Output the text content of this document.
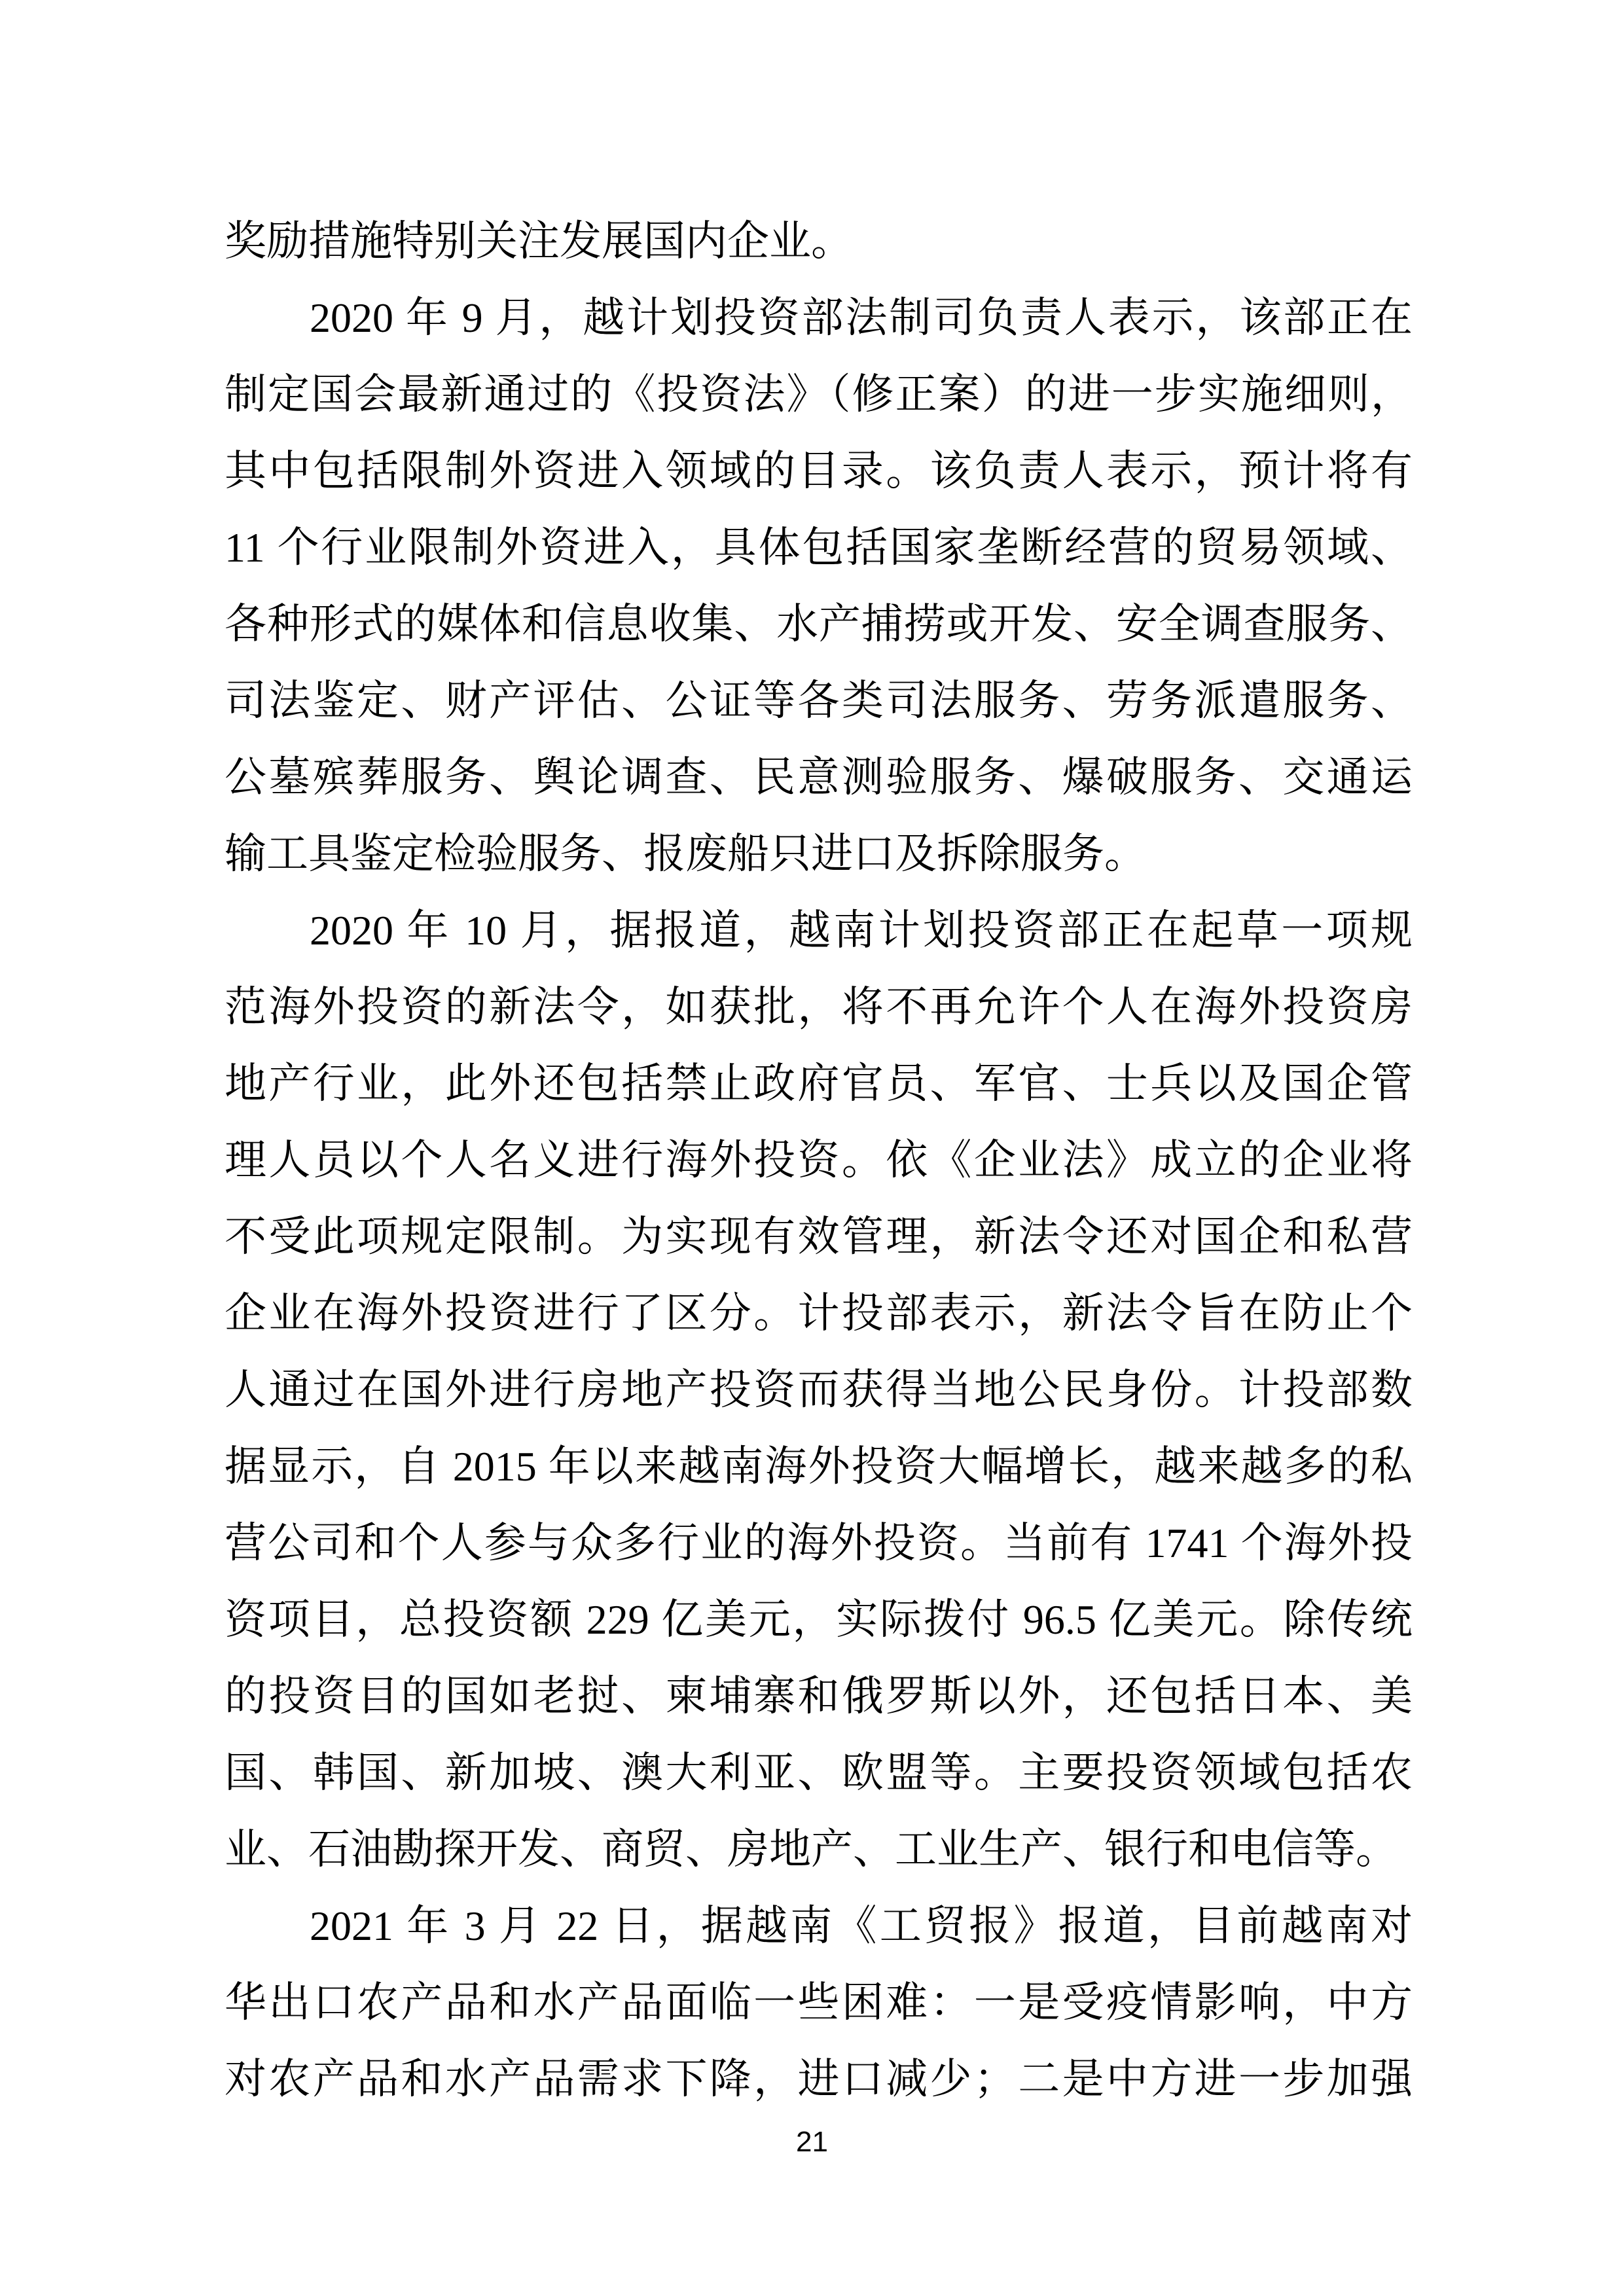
奖励措施特别关注发展国内企业。
2020 年 9 月，越计划投资部法制司负责人表示，该部正在
制定国会最新通过的《投资法》（修正案）的进一步实施细则，
其中包括限制外资进入领域的目录。该负责人表示，预计将有
11 个行业限制外资进入，具体包括国家垄断经营的贸易领域、
各种形式的媒体和信息收集、水产捕捞或开发、安全调查服务、
司法鉴定、财产评估、公证等各类司法服务、劳务派遣服务、
公墓殡葬服务、舆论调查、民意测验服务、爆破服务、交通运
输工具鉴定检验服务、报废船只进口及拆除服务。
2020 年 10 月，据报道，越南计划投资部正在起草一项规
范海外投资的新法令，如获批，将不再允许个人在海外投资房
地产行业，此外还包括禁止政府官员、军官、士兵以及国企管
理人员以个人名义进行海外投资。依《企业法》成立的企业将
不受此项规定限制。为实现有效管理，新法令还对国企和私营
企业在海外投资进行了区分。计投部表示，新法令旨在防止个
人通过在国外进行房地产投资而获得当地公民身份。计投部数
据显示，自 2015 年以来越南海外投资大幅增长，越来越多的私
营公司和个人参与众多行业的海外投资。当前有 1741 个海外投
资项目，总投资额 229 亿美元，实际拨付 96.5 亿美元。除传统
的投资目的国如老挝、柬埔寨和俄罗斯以外，还包括日本、美
国、韩国、新加坡、澳大利亚、欧盟等。主要投资领域包括农
业、石油勘探开发、商贸、房地产、工业生产、银行和电信等。
2021 年 3 月 22 日，据越南《工贸报》报道，目前越南对
华出口农产品和水产品面临一些困难：一是受疫情影响，中方
对农产品和水产品需求下降，进口减少；二是中方进一步加强
21
